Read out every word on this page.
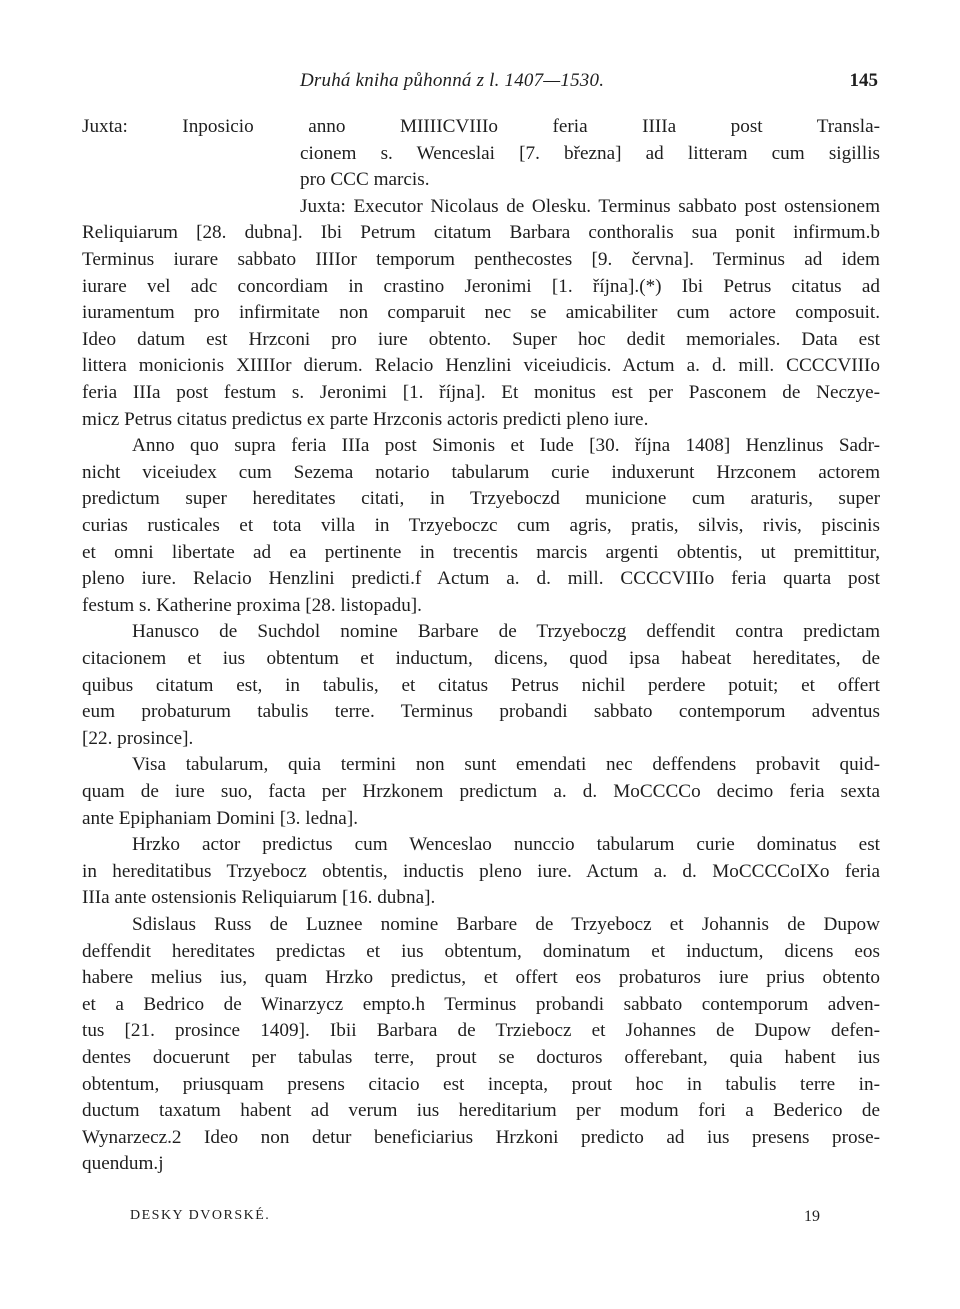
Druhá kniha půhonná z l. 1407—1530.	145
Juxta: Inposicio anno MIIIICVIIIo feria IIIIa post Transla-
cionem s. Wenceslai [7. března] ad litteram cum sigillis
pro CCC marcis.
Juxta: Executor Nicolaus de Olesku. Terminus sabbato post ostensionem
Reliquiarum [28. dubna]. Ibi Petrum citatum Barbara conthoralis sua ponit infirmum.b
Terminus iurare sabbato IIIIor temporum penthecostes [9. června]. Terminus ad idem
iurare vel adc concordiam in crastino Jeronimi [1. října].(*) Ibi Petrus citatus ad
iuramentum pro infirmitate non comparuit nec se amicabiliter cum actore composuit.
Ideo datum est Hrzconi pro iure obtento. Super hoc dedit memoriales. Data est
littera monicionis XIIIIor dierum. Relacio Henzlini viceiudicis. Actum a. d. mill. CCCCVIIIo
feria IIIa post festum s. Jeronimi [1. října]. Et monitus est per Pasconem de Neczye-
micz Petrus citatus predictus ex parte Hrzconis actoris predicti pleno iure.
Anno quo supra feria IIIa post Simonis et Iude [30. října 1408] Henzlinus Sadr-
nicht viceiudex cum Sezema notario tabularum curie induxerunt Hrzconem actorem
predictum super hereditates citati, in Trzyeboczd municione cum araturis, super
curias rusticales et tota villa in Trzyeboczc cum agris, pratis, silvis, rivis, piscinis
et omni libertate ad ea pertinente in trecentis marcis argenti obtentis, ut premittitur,
pleno iure. Relacio Henzlini predicti.f Actum a. d. mill. CCCCVIIIo feria quarta post
festum s. Katherine proxima [28. listopadu].
Hanusco de Suchdol nomine Barbare de Trzyeboczg deffendit contra predictam
citacionem et ius obtentum et inductum, dicens, quod ipsa habeat hereditates, de
quibus citatum est, in tabulis, et citatus Petrus nichil perdere potuit; et offert
eum probaturum tabulis terre. Terminus probandi sabbato contemporum adventus
[22. prosince].
Visa tabularum, quia termini non sunt emendati nec deffendens probavit quid-
quam de iure suo, facta per Hrzkonem predictum a. d. MoCCCCo decimo feria sexta
ante Epiphaniam Domini [3. ledna].
Hrzko actor predictus cum Wenceslao nunccio tabularum curie dominatus est
in hereditatibus Trzyebocz obtentis, inductis pleno iure. Actum a. d. MoCCCCoIXo feria
IIIa ante ostensionis Reliquiarum [16. dubna].
Sdislaus Russ de Luznee nomine Barbare de Trzyebocz et Johannis de Dupow
deffendit hereditates predictas et ius obtentum, dominatum et inductum, dicens eos
habere melius ius, quam Hrzko predictus, et offert eos probaturos iure prius obtento
et a Bedrico de Winarzycz empto.h Terminus probandi sabbato contemporum adven-
tus [21. prosince 1409]. Ibii Barbara de Trziebocz et Johannes de Dupow defen-
dentes docuerunt per tabulas terre, prout se docturos offerebant, quia habent ius
obtentum, priusquam presens citacio est incepta, prout hoc in tabulis terre in-
ductum taxatum habent ad verum ius hereditarium per modum fori a Bederico de
Wynarzecz.2 Ideo non detur beneficiarius Hrzkoni predicto ad ius presens prose-
quendum.j
DESKY DVORSKÉ.	19
